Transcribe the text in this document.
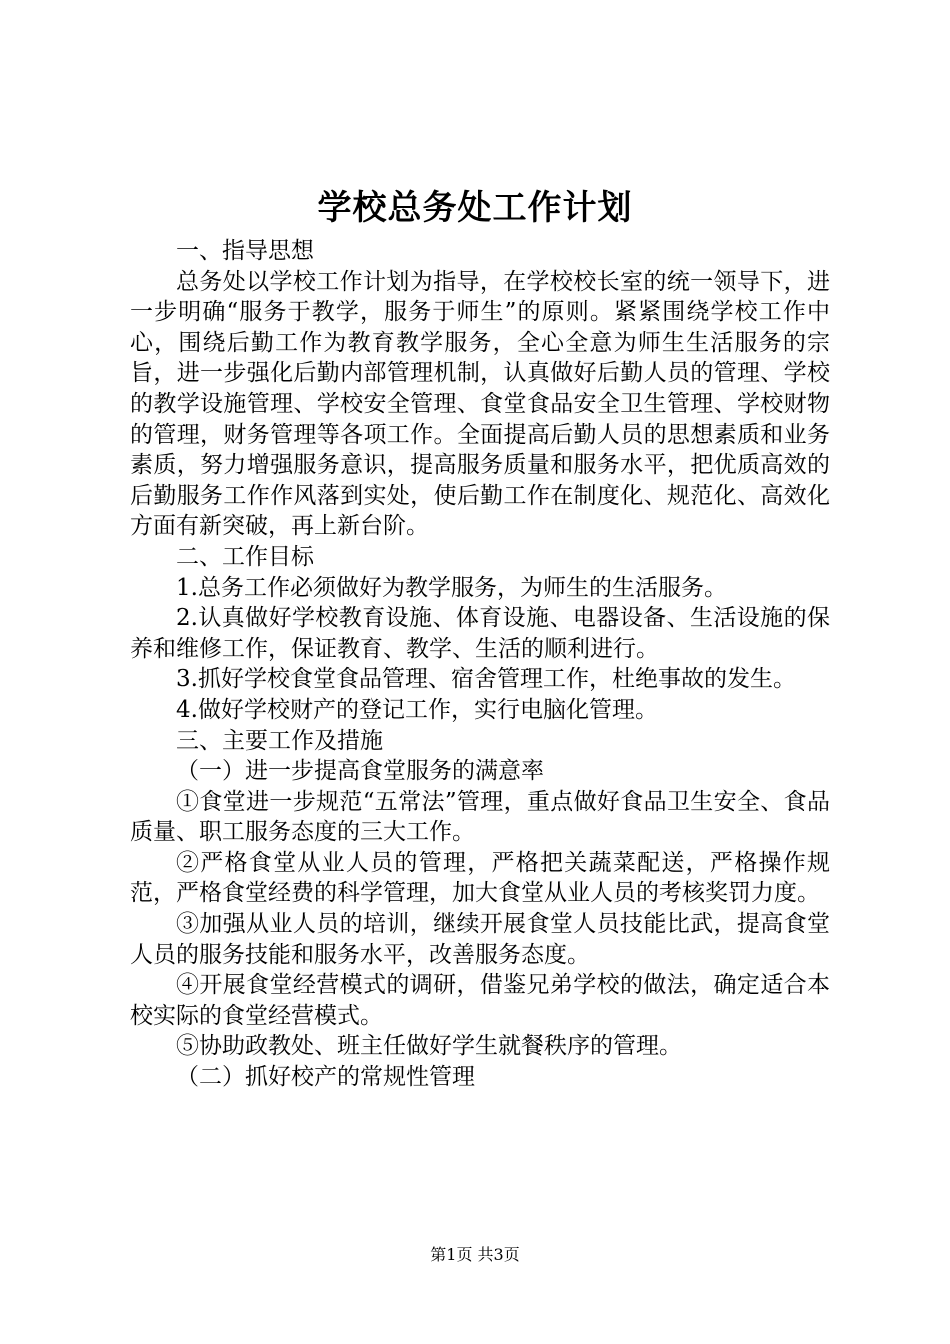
学校总务处工作计划

一、指导思想

总务处以学校工作计划为指导，在学校校长室的统一领导下，进一步明确“服务于教学，服务于师生”的原则。紧紧围绕学校工作中心，围绕后勤工作为教育教学服务，全心全意为师生生活服务的宗旨，进一步强化后勤内部管理机制，认真做好后勤人员的管理、学校的教学设施管理、学校安全管理、食堂食品安全卫生管理、学校财物的管理，财务管理等各项工作。全面提高后勤人员的思想素质和业务素质，努力增强服务意识，提高服务质量和服务水平，把优质高效的后勤服务工作作风落到实处，使后勤工作在制度化、规范化、高效化方面有新突破，再上新台阶。

二、工作目标

1.总务工作必须做好为教学服务，为师生的生活服务。

2.认真做好学校教育设施、体育设施、电器设备、生活设施的保养和维修工作，保证教育、教学、生活的顺利进行。

3.抓好学校食堂食品管理、宿舍管理工作，杜绝事故的发生。

4.做好学校财产的登记工作，实行电脑化管理。

三、主要工作及措施

（一）进一步提高食堂服务的满意率

①食堂进一步规范“五常法”管理，重点做好食品卫生安全、食品质量、职工服务态度的三大工作。

②严格食堂从业人员的管理，严格把关蔬菜配送，严格操作规范，严格食堂经费的科学管理，加大食堂从业人员的考核奖罚力度。

③加强从业人员的培训，继续开展食堂人员技能比武，提高食堂人员的服务技能和服务水平，改善服务态度。

④开展食堂经营模式的调研，借鉴兄弟学校的做法，确定适合本校实际的食堂经营模式。

⑤协助政教处、班主任做好学生就餐秩序的管理。

（二）抓好校产的常规性管理

第1页 共3页
